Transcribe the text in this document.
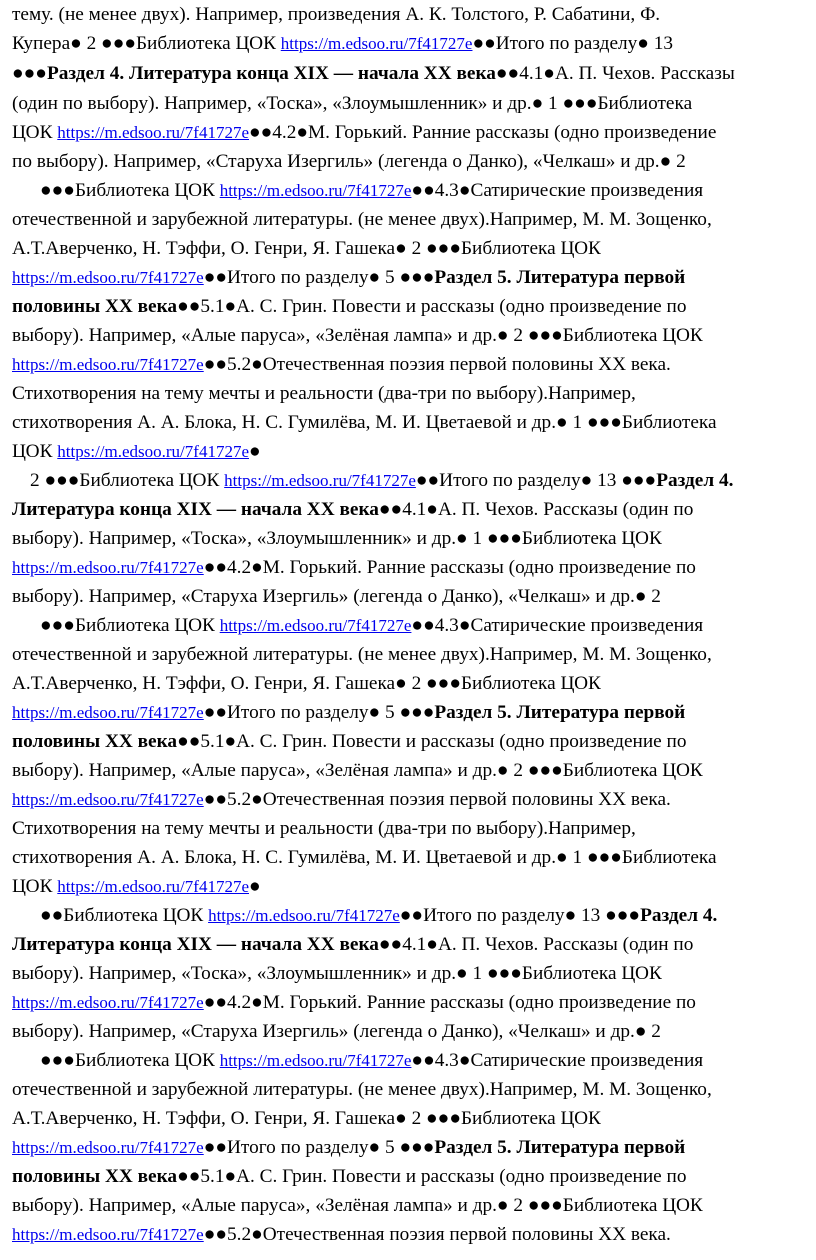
тему. (не менее двух). Например, произведения А. К. Толстого, Р. Сабатини, Ф.
Купера● 2 ●●●Библиотека ЦОК https://m.edsoo.ru/7f41727e●●Итого по разделу● 13
●●●Раздел 4. Литература конца XIX — начала XX века●●4.1●А. П. Чехов. Рассказы
(один по выбору). Например, «Тоска», «Злоумышленник» и др.● 1 ●●●Библиотека
ЦОК https://m.edsoo.ru/7f41727e●●4.2●М. Горький. Ранние рассказы (одно произведение
по выбору). Например, «Старуха Изергиль» (легенда о Данко), «Челкаш» и др.● 2
●●●Библиотека ЦОК https://m.edsoo.ru/7f41727e●●4.3●Сатирические произведения
отечественной и зарубежной литературы. (не менее двух).Например, М. М. Зощенко,
А.Т.Аверченко, Н. Тэффи, О. Генри, Я. Гашека● 2 ●●●Библиотека ЦОК
https://m.edsoo.ru/7f41727e●●Итого по разделу● 5 ●●●Раздел 5. Литература первой
половины XX века●●5.1●А. С. Грин. Повести и рассказы (одно произведение по
выбору). Например, «Алые паруса», «Зелёная лампа» и др.● 2 ●●●Библиотека ЦОК
https://m.edsoo.ru/7f41727e●●5.2●Отечественная поэзия первой половины XX века.
Стихотворения на тему мечты и реальности (два-три по выбору).Например,
стихотворения А. А. Блока, Н. С. Гумилёва, М. И. Цветаевой и др.● 1 ●●●Библиотека
ЦОК https://m.edsoo.ru/7f41727e●
2 ●●●Библиотека ЦОК https://m.edsoo.ru/7f41727e●●Итого по разделу● 13 ●●●Раздел 4.
Литература конца XIX — начала XX века●●4.1●А. П. Чехов. Рассказы (один по
выбору). Например, «Тоска», «Злоумышленник» и др.● 1 ●●●Библиотека ЦОК
https://m.edsoo.ru/7f41727e●●4.2●М. Горький. Ранние рассказы (одно произведение по
выбору). Например, «Старуха Изергиль» (легенда о Данко), «Челкаш» и др.● 2
●●●Библиотека ЦОК https://m.edsoo.ru/7f41727e●●4.3●Сатирические произведения
отечественной и зарубежной литературы. (не менее двух).Например, М. М. Зощенко,
А.Т.Аверченко, Н. Тэффи, О. Генри, Я. Гашека● 2 ●●●Библиотека ЦОК
https://m.edsoo.ru/7f41727e●●Итого по разделу● 5 ●●●Раздел 5. Литература первой
половины XX века●●5.1●А. С. Грин. Повести и рассказы (одно произведение по
выбору). Например, «Алые паруса», «Зелёная лампа» и др.● 2 ●●●Библиотека ЦОК
https://m.edsoo.ru/7f41727e●●5.2●Отечественная поэзия первой половины XX века.
Стихотворения на тему мечты и реальности (два-три по выбору).Например,
стихотворения А. А. Блока, Н. С. Гумилёва, М. И. Цветаевой и др.● 1 ●●●Библиотека
ЦОК https://m.edsoo.ru/7f41727e●
●●Библиотека ЦОК https://m.edsoo.ru/7f41727e●●Итого по разделу● 13 ●●●Раздел 4.
Литература конца XIX — начала XX века●●4.1●А. П. Чехов. Рассказы (один по
выбору). Например, «Тоска», «Злоумышленник» и др.● 1 ●●●Библиотека ЦОК
https://m.edsoo.ru/7f41727e●●4.2●М. Горький. Ранние рассказы (одно произведение по
выбору). Например, «Старуха Изергиль» (легенда о Данко), «Челкаш» и др.● 2
●●●Библиотека ЦОК https://m.edsoo.ru/7f41727e●●4.3●Сатирические произведения
отечественной и зарубежной литературы. (не менее двух).Например, М. М. Зощенко,
А.Т.Аверченко, Н. Тэффи, О. Генри, Я. Гашека● 2 ●●●Библиотека ЦОК
https://m.edsoo.ru/7f41727e●●Итого по разделу● 5 ●●●Раздел 5. Литература первой
половины XX века●●5.1●А. С. Грин. Повести и рассказы (одно произведение по
выбору). Например, «Алые паруса», «Зелёная лампа» и др.● 2 ●●●Библиотека ЦОК
https://m.edsoo.ru/7f41727e●●5.2●Отечественная поэзия первой половины XX века.
